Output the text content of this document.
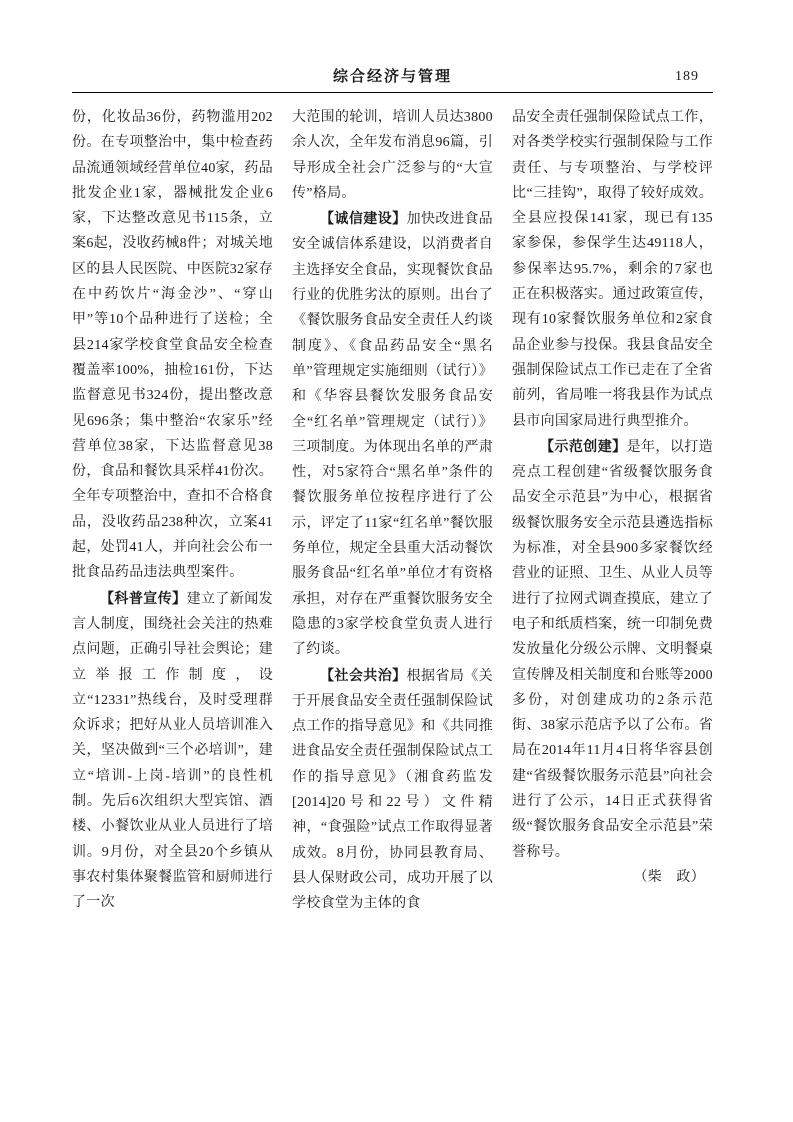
综合经济与管理	189

份，化妆品36份，药物滥用202份。在专项整治中，集中检查药品流通领域经营单位40家，药品批发企业1家，器械批发企业6家，下达整改意见书115条，立案6起，没收药械8件；对城关地区的县人民医院、中医院32家存在中药饮片“海金沙”、“穿山甲”等10个品种进行了送检；全县214家学校食堂食品安全检查覆盖率100%，抽检161份，下达监督意见书324份，提出整改意见696条；集中整治“农家乐”经营单位38家，下达监督意见38份，食品和餐饮具采样41份次。全年专项整治中，查扣不合格食品，没收药品238种次，立案41起，处罚41人，并向社会公布一批食品药品违法典型案件。

【科普宣传】建立了新闻发言人制度，围绕社会关注的热难点问题，正确引导社会舆论；建立举报工作制度，设立“12331”热线台，及时受理群众诉求；把好从业人员培训准入关，坚决做到“三个必培训”，建立“培训-上岗-培训”的良性机制。先后6次组织大型宾馆、酒楼、小餐饮业从业人员进行了培训。9月份，对全县20个乡镇从事农村集体聚餐监管和厨师进行了一次

大范围的轮训，培训人员达3800余人次，全年发布消息96篇，引导形成全社会广泛参与的“大宣传”格局。

【诚信建设】加快改进食品安全诚信体系建设，以消费者自主选择安全食品，实现餐饮食品行业的优胜劣汰的原则。出台了《餐饮服务食品安全责任人约谈制度》、《食品药品安全“黑名单”管理规定实施细则（试行）》和《华容县餐饮发服务食品安全“红名单”管理规定（试行）》三项制度。为体现出名单的严肃性，对5家符合“黑名单”条件的餐饮服务单位按程序进行了公示，评定了11家“红名单”餐饮服务单位，规定全县重大活动餐饮服务食品“红名单”单位才有资格承担，对存在严重餐饮服务安全隐患的3家学校食堂负责人进行了约谈。

【社会共治】根据省局《关于开展食品安全责任强制保险试点工作的指导意见》和《共同推进食品安全责任强制保险试点工作的指导意见》（湘食药监发[2014]20号和22号）文件精神，“食强险”试点工作取得显著成效。8月份，协同县教育局、县人保财政公司，成功开展了以学校食堂为主体的食

品安全责任强制保险试点工作，对各类学校实行强制保险与工作责任、与专项整治、与学校评比“三挂钩”，取得了较好成效。全县应投保141家，现已有135家参保，参保学生达49118人，参保率达95.7%，剩余的7家也正在积极落实。通过政策宣传，现有10家餐饮服务单位和2家食品企业参与投保。我县食品安全强制保险试点工作已走在了全省前列，省局唯一将我县作为试点县市向国家局进行典型推介。

【示范创建】是年，以打造亮点工程创建“省级餐饮服务食品安全示范县”为中心，根据省级餐饮服务安全示范县遴选指标为标准，对全县900多家餐饮经营业的证照、卫生、从业人员等进行了拉网式调查摸底，建立了电子和纸质档案，统一印制免费发放量化分级公示牌、文明餐桌宣传牌及相关制度和台账等2000多份，对创建成功的2条示范街、38家示范店予以了公布。省局在2014年11月4日将华容县创建“省级餐饮服务示范县”向社会进行了公示，14日正式获得省级“餐饮服务食品安全示范县”荣誉称号。

（柴　政）
